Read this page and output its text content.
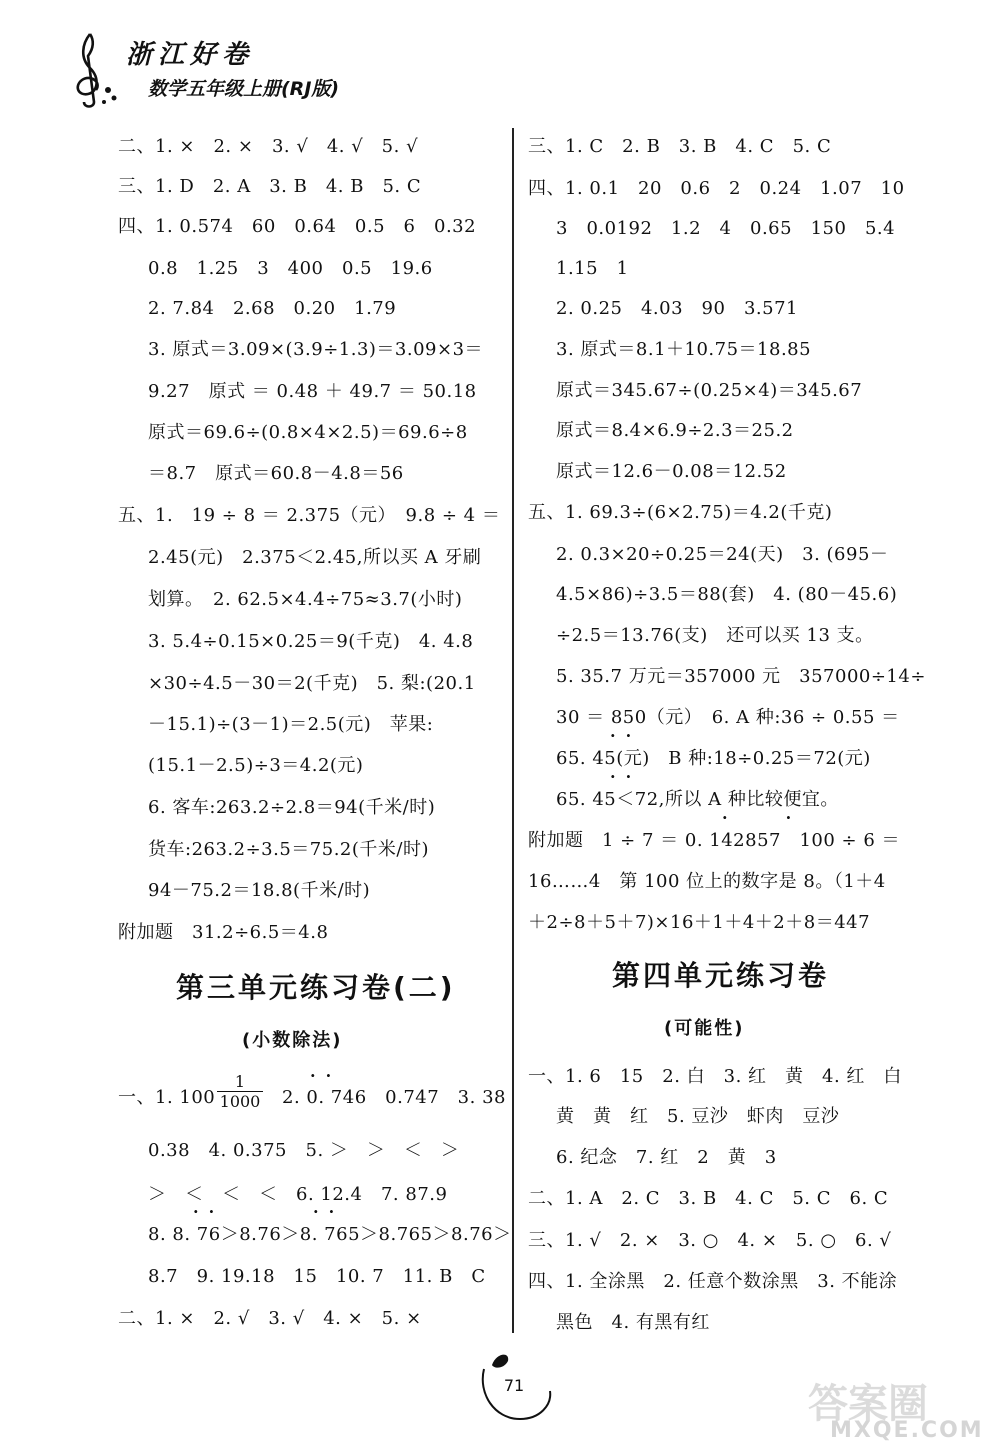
浙江好卷
数学五年级上册(RJ版)
二、1. ×　2. ×　3. √　4. √　5. √
三、1. D　2. A　3. B　4. B　5. C
四、1. 0.574　60　0.64　0.5　6　0.32
0.8　1.25　3　400　0.5　19.6
2. 7.84　2.68　0.20　1.79
3. 原式＝3.09×(3.9÷1.3)＝3.09×3＝
9.27　原式 ＝ 0.48 ＋ 49.7 ＝ 50.18
原式＝69.6÷(0.8×4×2.5)＝69.6÷8
＝8.7　原式＝60.8－4.8＝56
五、1.　19 ÷ 8 ＝ 2.375（元）　9.8 ÷ 4 ＝
2.45(元)　2.375＜2.45,所以买 A 牙刷
划算。　2. 62.5×4.4÷75≈3.7(小时)
3. 5.4÷0.15×0.25＝9(千克)　4. 4.8
×30÷4.5－30＝2(千克)　5. 梨:(20.1
－15.1)÷(3－1)＝2.5(元)　苹果:
(15.1－2.5)÷3＝4.2(元)
6. 客车:263.2÷2.8＝94(千米/时)
货车:263.2÷3.5＝75.2(千米/时)
94－75.2＝18.8(千米/时)
附加题　31.2÷6.5＝4.8
第三单元练习卷(二)
(小数除法)
一、1. $100 \frac{1}{1000} 2$. 0. 746　0.747　3. 38
··
0.38　4. 0.375　5. ＞　＞　＜　＞
＞　＜　＜　＜　6. 12.4　7. 87.9
8. 8. 76＞8.76＞8. 765＞8.765＞8.76＞
··	··
8.7　9. 19.18　15　10. 7　11. B　C
二、1. ×　2. √　3. √　4. ×　5. ×
三、1. C　2. B　3. B　4. C　5. C
四、1. 0.1　20　0.6　2　0.24　1.07　10
3　0.0192　1.2　4　0.65　150　5.4
1.15　1
2. 0.25　4.03　90　3.571
3. 原式＝8.1＋10.75＝18.85
原式＝345.67÷(0.25×4)＝345.67
原式＝8.4×6.9÷2.3＝25.2
原式＝12.6－0.08＝12.52
五、1. 69.3÷(6×2.75)＝4.2(千克)
2. 0.3×20÷0.25＝24(天)　3. (695－
4.5×86)÷3.5＝88(套)　4. (80－45.6)
÷2.5＝13.76(支)　还可以买 13 支。
5. 35.7 万元＝357000 元　357000÷14÷
30 ＝ 850（元）　6. A 种:36 ÷ 0.55 ＝
65. 45(元)　B 种:18÷0.25＝72(元)
··
65. 45＜72,所以 A 种比较便宜。
··
附加题　1 ÷ 7 ＝ 0. 142857　100 ÷ 6 ＝
··
16……4　第 100 位上的数字是 8。（1＋4
＋2÷8＋5＋7)×16＋1＋4＋2＋8＝447
第四单元练习卷
(可能性)
一、1. 6　15　2. 白　3. 红　黄　4. 红　白
黄　黄　红　5. 豆沙　虾肉　豆沙
6. 纪念　7. 红　2　黄　3
二、1. A　2. C　3. B　4. C　5. C　6. C
三、1. √　2. ×　3. ○　4. ×　5. ○　6. √
四、1. 全涂黑　2. 任意个数涂黑　3. 不能涂
黑色　4. 有黑有红
71	答案圈
MXQE.COM
